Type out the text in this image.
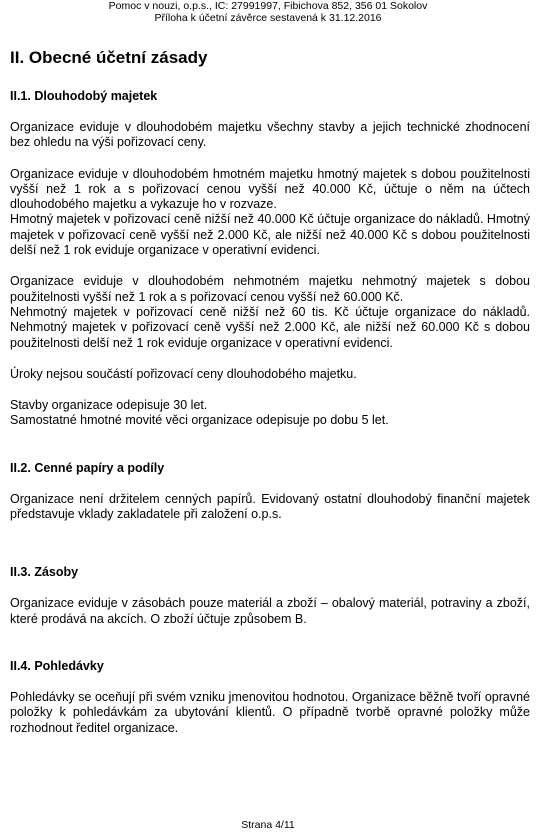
Pomoc v nouzi, o.p.s., IC: 27991997, Fibichova 852, 356 01 Sokolov
Příloha k účetní závěrce sestavená k 31.12.2016
II. Obecné účetní zásady
II.1. Dlouhodobý majetek

Organizace eviduje v dlouhodobém majetku všechny stavby a jejich technické zhodnocení bez ohledu na výši pořizovací ceny.

Organizace eviduje v dlouhodobém hmotném majetku hmotný majetek s dobou použitelnosti vyšší než 1 rok a s pořizovací cenou vyšší než 40.000 Kč, účtuje o něm na účtech dlouhodobého majetku a vykazuje ho v rozvaze.

Hmotný majetek v pořizovací ceně nižší než 40.000 Kč účtuje organizace do nákladů. Hmotný majetek v pořizovací ceně vyšší než 2.000 Kč, ale nižší než 40.000 Kč s dobou použitelnosti delší než 1 rok eviduje organizace v operativní evidenci.

Organizace eviduje v dlouhodobém nehmotném majetku nehmotný majetek s dobou použitelnosti vyšší než 1 rok a s pořizovací cenou vyšší než 60.000 Kč.

Nehmotný majetek v pořizovací ceně nižší než 60 tis. Kč účtuje organizace do nákladů. Nehmotný majetek v pořizovací ceně vyšší než 2.000 Kč, ale nižší než 60.000 Kč s dobou použitelnosti delší než 1 rok eviduje organizace v operativní evidenci.

Úroky nejsou součástí pořizovací ceny dlouhodobého majetku.

Stavby organizace odepisuje 30 let.

Samostatné hmotné movité věci organizace odepisuje po dobu 5 let.

II.2. Cenné papíry a podíly

Organizace není držitelem cenných papírů. Evidovaný ostatní dlouhodobý finanční majetek představuje vklady zakladatele při založení o.p.s.

II.3. Zásoby

Organizace eviduje v zásobách pouze materiál a zboží – obalový materiál, potraviny a zboží, které prodává na akcích. O zboží účtuje způsobem B.

II.4. Pohledávky

Pohledávky se oceňují při svém vzniku jmenovitou hodnotou. Organizace běžně tvoří opravné položky k pohledávkám za ubytování klientů. O případně tvorbě opravné položky může rozhodnout ředitel organizace.

Strana 4/11
